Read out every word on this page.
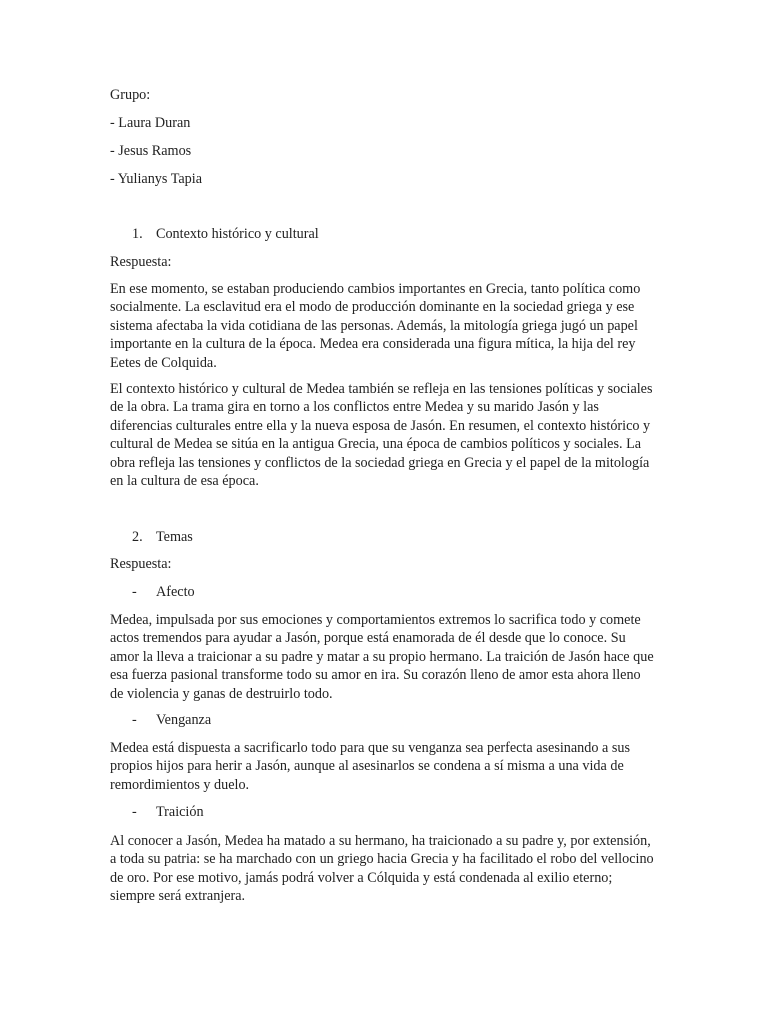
Grupo:
- Laura Duran
- Jesus Ramos
- Yulianys Tapia
1. Contexto histórico y cultural
Respuesta:
En ese momento, se estaban produciendo cambios importantes en Grecia, tanto política como socialmente. La esclavitud era el modo de producción dominante en la sociedad griega y ese sistema afectaba la vida cotidiana de las personas. Además, la mitología griega jugó un papel importante en la cultura de la época. Medea era considerada una figura mítica, la hija del rey Eetes de Colquida.
El contexto histórico y cultural de Medea también se refleja en las tensiones políticas y sociales de la obra. La trama gira en torno a los conflictos entre Medea y su marido Jasón y las diferencias culturales entre ella y la nueva esposa de Jasón. En resumen, el contexto histórico y cultural de Medea se sitúa en la antigua Grecia, una época de cambios políticos y sociales. La obra refleja las tensiones y conflictos de la sociedad griega en Grecia y el papel de la mitología en la cultura de esa época.
2. Temas
Respuesta:
- Afecto
Medea, impulsada por sus emociones y comportamientos extremos lo sacrifica todo y comete actos tremendos para ayudar a Jasón, porque está enamorada de él desde que lo conoce. Su amor la lleva a traicionar a su padre y matar a su propio hermano. La traición de Jasón hace que esa fuerza pasional transforme todo su amor en ira. Su corazón lleno de amor esta ahora lleno de violencia y ganas de destruirlo todo.
- Venganza
Medea está dispuesta a sacrificarlo todo para que su venganza sea perfecta asesinando a sus propios hijos para herir a Jasón, aunque al asesinarlos se condena a sí misma a una vida de remordimientos y duelo.
- Traición
Al conocer a Jasón, Medea ha matado a su hermano, ha traicionado a su padre y, por extensión, a toda su patria: se ha marchado con un griego hacia Grecia y ha facilitado el robo del vellocino de oro. Por ese motivo, jamás podrá volver a Cólquida y está condenada al exilio eterno; siempre será extranjera.
